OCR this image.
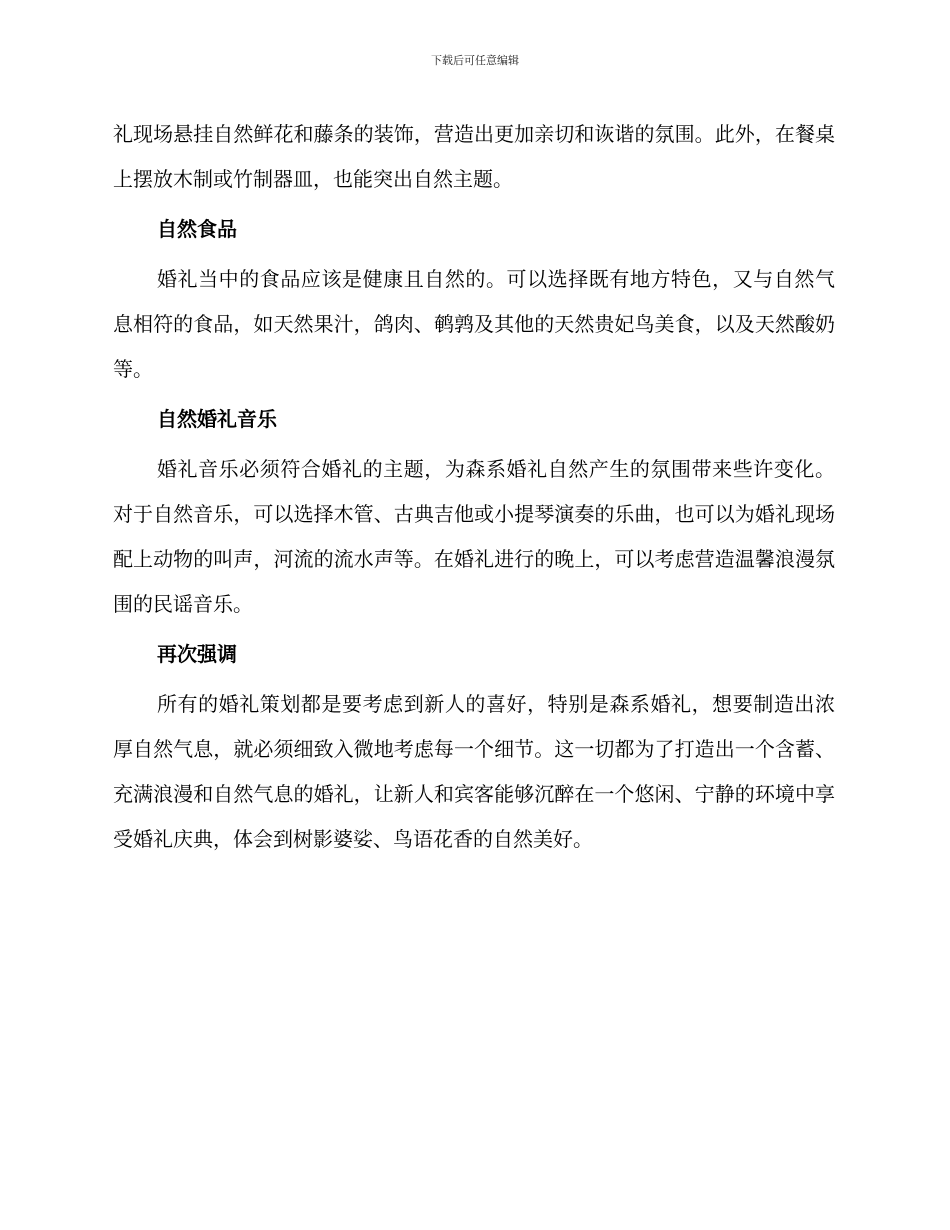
下载后可任意编辑

礼现场悬挂自然鲜花和藤条的装饰，营造出更加亲切和诙谐的氛围。此外，在餐桌上摆放木制或竹制器皿，也能突出自然主题。

自然食品

婚礼当中的食品应该是健康且自然的。可以选择既有地方特色，又与自然气息相符的食品，如天然果汁，鸽肉、鹌鹑及其他的天然贵妃鸟美食，以及天然酸奶等。

自然婚礼音乐

婚礼音乐必须符合婚礼的主题，为森系婚礼自然产生的氛围带来些许变化。对于自然音乐，可以选择木管、古典吉他或小提琴演奏的乐曲，也可以为婚礼现场配上动物的叫声，河流的流水声等。在婚礼进行的晚上，可以考虑营造温馨浪漫氛围的民谣音乐。

再次强调

所有的婚礼策划都是要考虑到新人的喜好，特别是森系婚礼，想要制造出浓厚自然气息，就必须细致入微地考虑每一个细节。这一切都为了打造出一个含蓄、充满浪漫和自然气息的婚礼，让新人和宾客能够沉醉在一个悠闲、宁静的环境中享受婚礼庆典，体会到树影婆娑、鸟语花香的自然美好。
